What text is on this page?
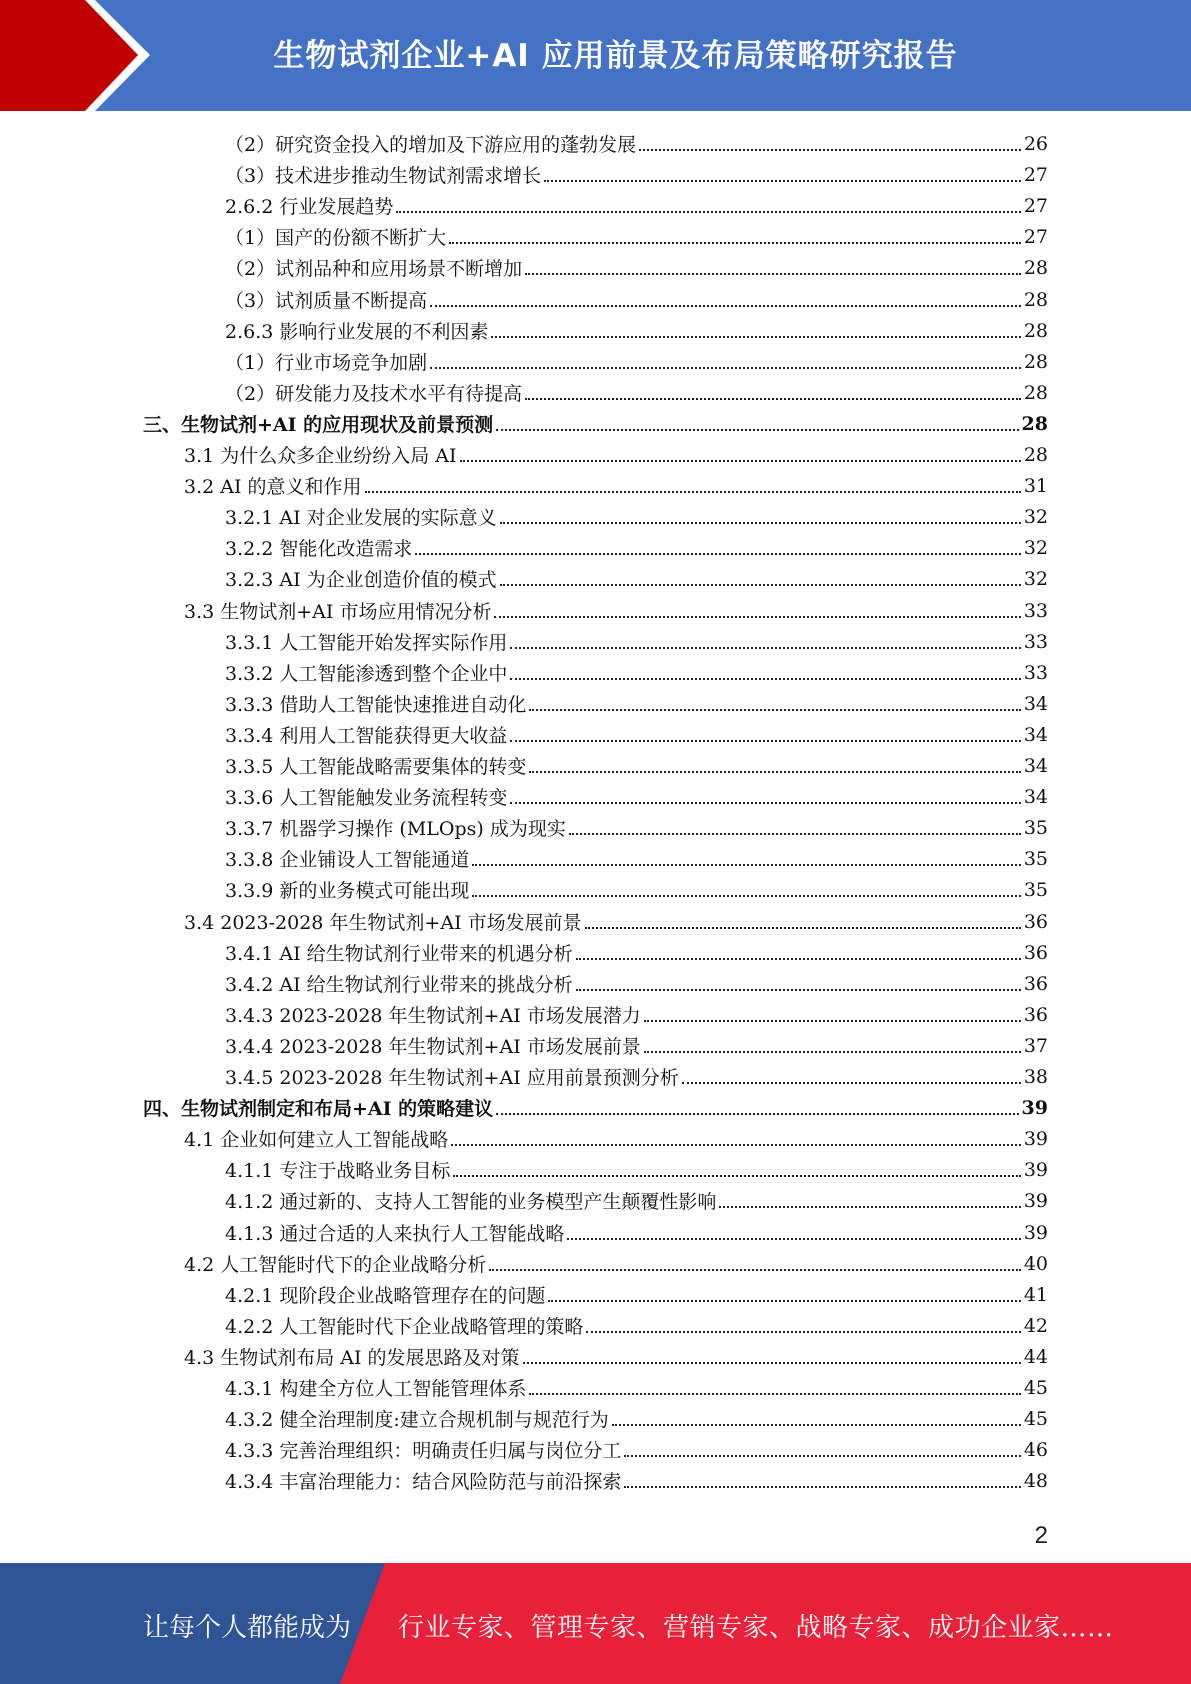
生物试剂企业+AI 应用前景及布局策略研究报告
（2）研究资金投入的增加及下游应用的蓬勃发展	26
（3）技术进步推动生物试剂需求增长	27
2.6.2 行业发展趋势	27
（1）国产的份额不断扩大	27
（2）试剂品种和应用场景不断增加	28
（3）试剂质量不断提高	28
2.6.3 影响行业发展的不利因素	28
（1）行业市场竞争加剧	28
（2）研发能力及技术水平有待提高	28
三、生物试剂+AI 的应用现状及前景预测	28
3.1 为什么众多企业纷纷入局 AI	28
3.2 AI 的意义和作用	31
3.2.1 AI 对企业发展的实际意义	32
3.2.2 智能化改造需求	32
3.2.3 AI 为企业创造价值的模式	32
3.3 生物试剂+AI 市场应用情况分析	33
3.3.1 人工智能开始发挥实际作用	33
3.3.2 人工智能渗透到整个企业中	33
3.3.3 借助人工智能快速推进自动化	34
3.3.4 利用人工智能获得更大收益	34
3.3.5 人工智能战略需要集体的转变	34
3.3.6 人工智能触发业务流程转变	34
3.3.7 机器学习操作 (MLOps) 成为现实	35
3.3.8 企业铺设人工智能通道	35
3.3.9 新的业务模式可能出现	35
3.4 2023-2028 年生物试剂+AI 市场发展前景	36
3.4.1 AI 给生物试剂行业带来的机遇分析	36
3.4.2 AI 给生物试剂行业带来的挑战分析	36
3.4.3 2023-2028 年生物试剂+AI 市场发展潜力	36
3.4.4 2023-2028 年生物试剂+AI 市场发展前景	37
3.4.5 2023-2028 年生物试剂+AI 应用前景预测分析	38
四、生物试剂制定和布局+AI 的策略建议	39
4.1 企业如何建立人工智能战略	39
4.1.1 专注于战略业务目标	39
4.1.2 通过新的、支持人工智能的业务模型产生颠覆性影响	39
4.1.3 通过合适的人来执行人工智能战略	39
4.2 人工智能时代下的企业战略分析	40
4.2.1 现阶段企业战略管理存在的问题	41
4.2.2 人工智能时代下企业战略管理的策略	42
4.3 生物试剂布局 AI 的发展思路及对策	44
4.3.1 构建全方位人工智能管理体系	45
4.3.2 健全治理制度:建立合规机制与规范行为	45
4.3.3 完善治理组织：明确责任归属与岗位分工	46
4.3.4 丰富治理能力：结合风险防范与前沿探索	48
2
让每个人都能成为 行业专家、管理专家、营销专家、战略专家、成功企业家……
